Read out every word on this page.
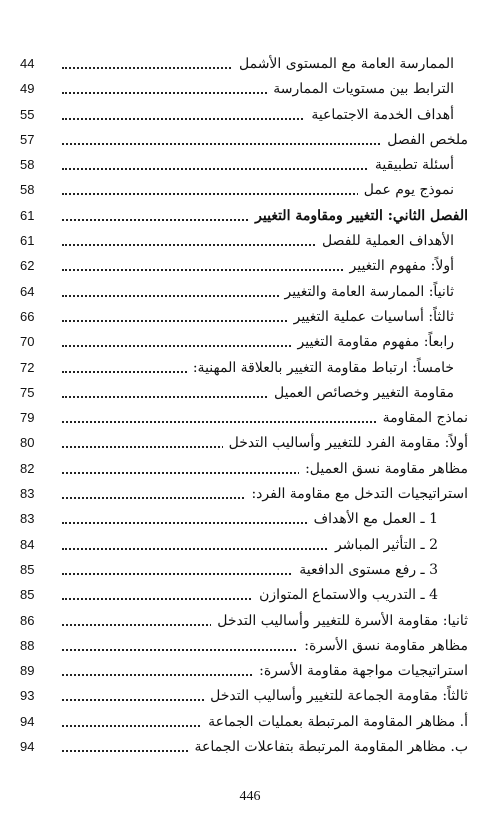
الممارسة العامة مع المستوى الأشمل
44
الترابط بين مستويات الممارسة
49
أهداف الخدمة الاجتماعية
55
ملخص الفصل
57
أسئلة تطبيقية
58
نموذج يوم عمل
58
الفصل الثاني: التغيير ومقاومة التغيير
61
الأهداف العملية للفصل
61
أولاً: مفهوم التغيير
62
ثانياً: الممارسة العامة والتغيير
64
ثالثاً: أساسيات عملية التغيير
66
رابعاً: مفهوم مقاومة التغيير
70
خامساً: ارتباط مقاومة التغيير بالعلاقة المهنية:
72
مقاومة التغيير وخصائص العميل
75
نماذج المقاومة
79
أولاً: مقاومة الفرد للتغيير وأساليب التدخل
80
مظاهر مقاومة نسق العميل:
82
استراتيجيات التدخل مع مقاومة الفرد:
83
1 ـ العمل مع الأهداف
83
2 ـ التأثير المباشر
84
3 ـ رفع مستوى الدافعية
85
4 ـ التدريب والاستماع المتوازن
85
ثانيا: مقاومة الأسرة للتغيير وأساليب التدخل
86
مظاهر مقاومة نسق الأسرة:
88
استراتيجيات مواجهة مقاومة الأسرة:
89
ثالثاً: مقاومة الجماعة للتغيير وأساليب التدخل
93
أ. مظاهر المقاومة المرتبطة بعمليات الجماعة
94
ب. مظاهر المقاومة المرتبطة بتفاعلات الجماعة
94
446
